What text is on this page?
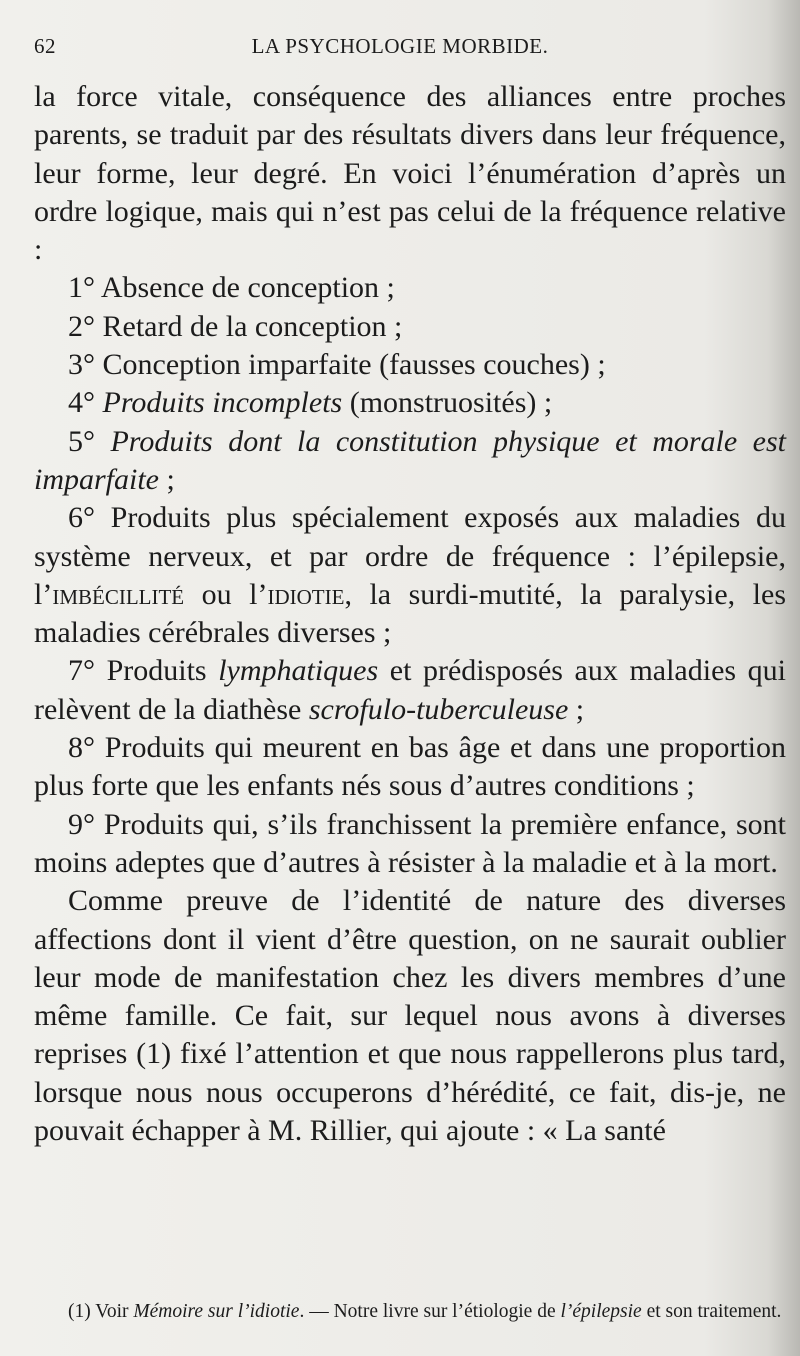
62	LA PSYCHOLOGIE MORBIDE.

la force vitale, conséquence des alliances entre proches parents, se traduit par des résultats divers dans leur fréquence, leur forme, leur degré. En voici l’énumération d’après un ordre logique, mais qui n’est pas celui de la fréquence relative :

1° Absence de conception ;

2° Retard de la conception ;

3° Conception imparfaite (fausses couches) ;

4° Produits incomplets (monstruosités) ;

5° Produits dont la constitution physique et morale est imparfaite ;

6° Produits plus spécialement exposés aux maladies du système nerveux, et par ordre de fréquence : l’épilepsie, l’imbécillité ou l’idiotie, la surdi-mutité, la paralysie, les maladies cérébrales diverses ;

7° Produits lymphatiques et prédisposés aux maladies qui relèvent de la diathèse scrofulo-tuberculeuse ;

8° Produits qui meurent en bas âge et dans une proportion plus forte que les enfants nés sous d’autres conditions ;

9° Produits qui, s’ils franchissent la première enfance, sont moins adeptes que d’autres à résister à la maladie et à la mort.

Comme preuve de l’identité de nature des diverses affections dont il vient d’être question, on ne saurait oublier leur mode de manifestation chez les divers membres d’une même famille. Ce fait, sur lequel nous avons à diverses reprises (1) fixé l’attention et que nous rappellerons plus tard, lorsque nous nous occuperons d’hérédité, ce fait, dis-je, ne pouvait échapper à M. Rillier, qui ajoute : « La santé

(1) Voir Mémoire sur l’idiotie. — Notre livre sur l’étiologie de l’épilepsie et son traitement.
